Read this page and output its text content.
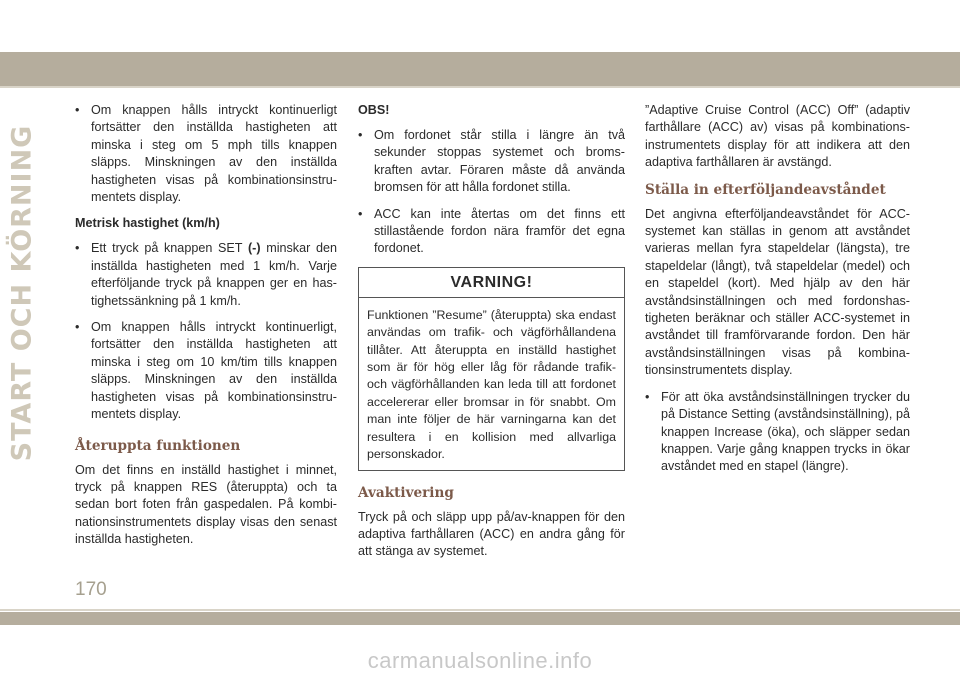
START OCH KÖRNING

• Om knappen hålls intryckt kontinuerligt fortsätter den inställda hastigheten att minska i steg om 5 mph tills knappen släpps. Minskningen av den inställda hastigheten visas på kombinationsinstrumentets display.

Metrisk hastighet (km/h)

• Ett tryck på knappen SET (-) minskar den inställda hastigheten med 1 km/h. Varje efterföljande tryck på knappen ger en hastighetssänkning på 1 km/h.

• Om knappen hålls intryckt kontinuerligt, fortsätter den inställda hastigheten att minska i steg om 10 km/tim tills knappen släpps. Minskningen av den inställda hastigheten visas på kombinationsinstrumentets display.

Återuppta funktionen

Om det finns en inställd hastighet i minnet, tryck på knappen RES (återuppta) och ta sedan bort foten från gaspedalen. På kombinationsinstrumentets display visas den senast inställda hastigheten.

OBS!

• Om fordonet står stilla i längre än två sekunder stoppas systemet och bromskraften avtar. Föraren måste då använda bromsen för att hålla fordonet stilla.

• ACC kan inte återtas om det finns ett stillastående fordon nära framför det egna fordonet.

VARNING!
Funktionen ”Resume” (återuppta) ska endast användas om trafik- och vägförhållandena tillåter. Att återuppta en inställd hastighet som är för hög eller låg för rådande trafik- och vägförhållanden kan leda till att fordonet accelererar eller bromsar in för snabbt. Om man inte följer de här varningarna kan det resultera i en kollision med allvarliga personskador.
Avaktivering

Tryck på och släpp upp på/av-knappen för den adaptiva farthållaren (ACC) en andra gång för att stänga av systemet.

”Adaptive Cruise Control (ACC) Off” (adaptiv farthållare (ACC) av) visas på kombinationsinstrumentets display för att indikera att den adaptiva farthållaren är avstängd.

Ställa in efterföljandeavståndet

Det angivna efterföljandeavståndet för ACC-systemet kan ställas in genom att avståndet varieras mellan fyra stapeldelar (längsta), tre stapeldelar (långt), två stapeldelar (medel) och en stapeldel (kort). Med hjälp av den här avståndsinställningen och med fordonshastigheten beräknar och ställer ACC-systemet in avståndet till framförvarande fordon. Den här avståndsinställningen visas på kombinationsinstrumentets display.

• För att öka avståndsinställningen trycker du på Distance Setting (avståndsinställning), på knappen Increase (öka), och släpper sedan knappen. Varje gång knappen trycks in ökar avståndet med en stapel (längre).

170
carmanualsonline.info
